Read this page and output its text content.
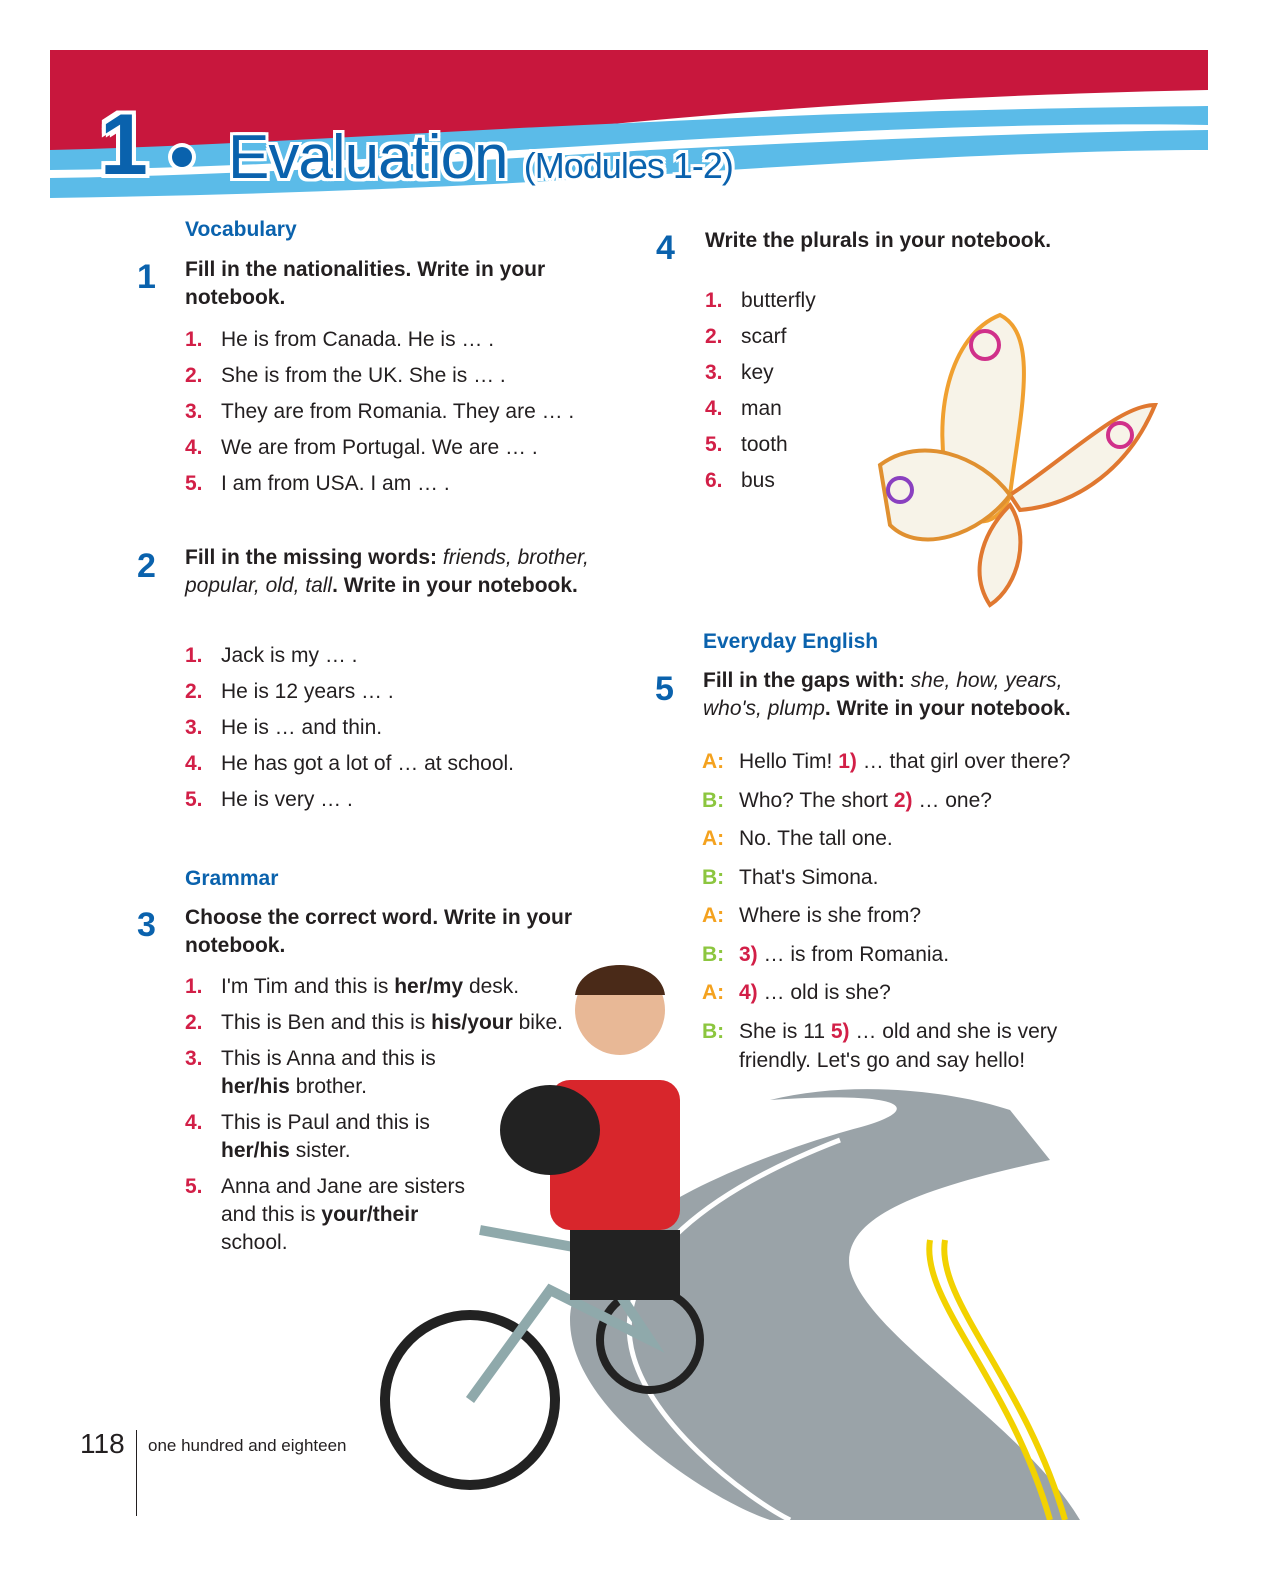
1 Evaluation (Modules 1-2)
Vocabulary
1 Fill in the nationalities. Write in your notebook.
1. He is from Canada. He is … .
2. She is from the UK. She is … .
3. They are from Romania. They are … .
4. We are from Portugal. We are … .
5. I am from USA. I am … .
2 Fill in the missing words: friends, brother, popular, old, tall. Write in your notebook.
1. Jack is my … .
2. He is 12 years … .
3. He is … and thin.
4. He has got a lot of … at school.
5. He is very … .
Grammar
3 Choose the correct word. Write in your notebook.
1. I'm Tim and this is her/my desk.
2. This is Ben and this is his/your bike.
3. This is Anna and this is her/his brother.
4. This is Paul and this is her/his sister.
5. Anna and Jane are sisters and this is your/their school.
4 Write the plurals in your notebook.
1. butterfly
2. scarf
3. key
4. man
5. tooth
6. bus
Everyday English
5 Fill in the gaps with: she, how, years, who's, plump. Write in your notebook.
A: Hello Tim! 1) … that girl over there?
B: Who? The short 2) … one?
A: No. The tall one.
B: That's Simona.
A: Where is she from?
B: 3) … is from Romania.
A: 4) … old is she?
B: She is 11 5) … old and she is very friendly. Let's go and say hello!
118 one hundred and eighteen
